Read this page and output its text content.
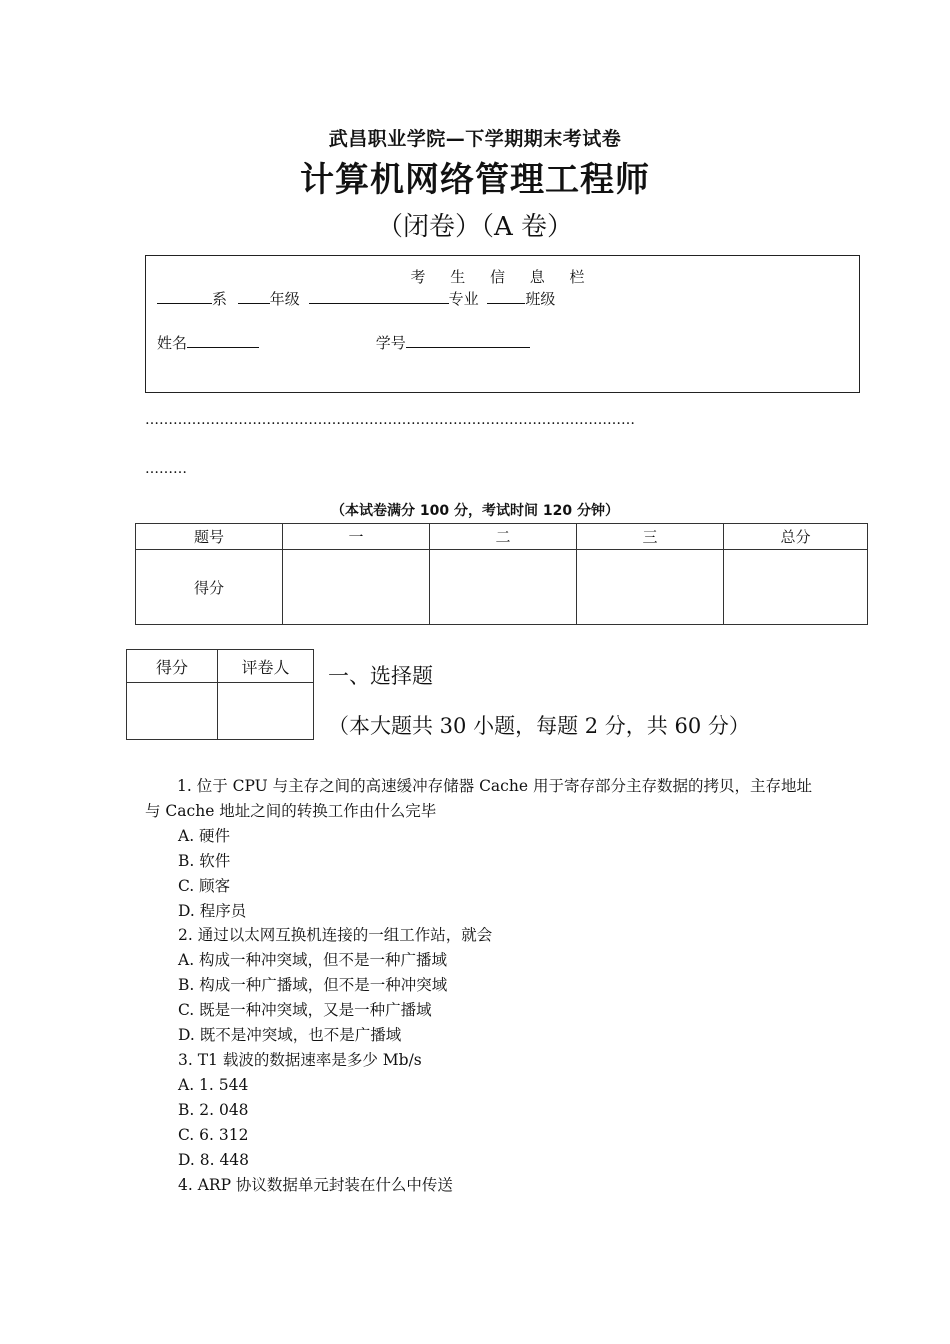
武昌职业学院—下学期期末考试卷
计算机网络管理工程师
（闭卷）（A 卷）
考 生 信 息 栏
系	年级	专业	班级
姓名	学号
……………………………………………………………………………………………
………
（本试卷满分 100 分，考试时间 120 分钟）
题号	一	二	三	总分
得分				
得分	评卷人
	一、选择题
（本大题共 30 小题，每题 2 分，共 60 分）
1. 位于 CPU 与主存之间的高速缓冲存储器 Cache 用于寄存部分主存数据的拷贝，主存地址与 Cache 地址之间的转换工作由什么完毕
A. 硬件
B. 软件
C. 顾客
D. 程序员
2. 通过以太网互换机连接的一组工作站，就会
A. 构成一种冲突域，但不是一种广播域
B. 构成一种广播域，但不是一种冲突域
C. 既是一种冲突域，又是一种广播域
D. 既不是冲突域，也不是广播域
3. T1 载波的数据速率是多少 Mb/s
A. 1. 544
B. 2. 048
C. 6. 312
D. 8. 448
4. ARP 协议数据单元封装在什么中传送
